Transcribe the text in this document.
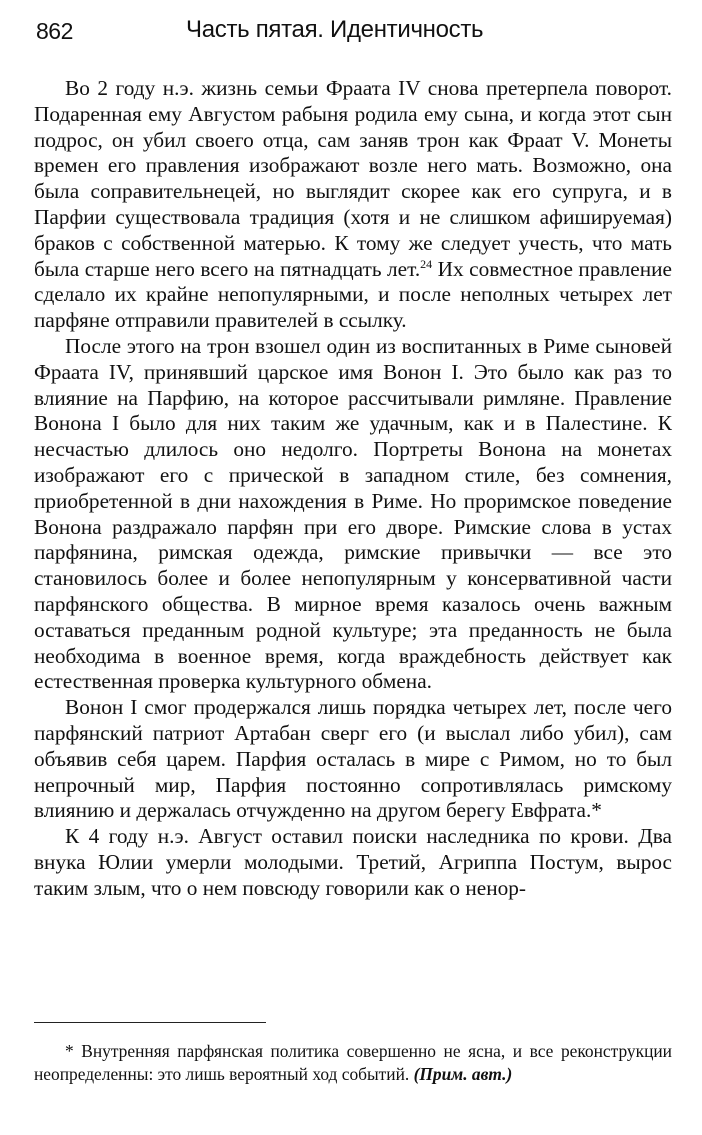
862	Часть пятая. Идентичность

Во 2 году н.э. жизнь семьи Фраата IV снова претерпела поворот. Подаренная ему Августом рабыня родила ему сына, и когда этот сын подрос, он убил своего отца, сам заняв трон как Фраат V. Монеты времен его правления изображают возле него мать. Возможно, она была соправительнецей, но выглядит скорее как его супруга, и в Парфии существовала традиция (хотя и не слишком афишируемая) браков с собственной матерью. К тому же следует учесть, что мать была старше него всего на пятнадцать лет.$^{24}$ Их совместное правление сделало их крайне непопулярными, и после неполных четырех лет парфяне отправили правителей в ссылку.

После этого на трон взошел один из воспитанных в Риме сыновей Фраата IV, принявший царское имя Вонон I. Это было как раз то влияние на Парфию, на которое рассчитывали римляне. Правление Вонона I было для них таким же удачным, как и в Палестине. К несчастью длилось оно недолго. Портреты Вонона на монетах изображают его с прической в западном стиле, без сомнения, приобретенной в дни нахождения в Риме. Но проримское поведение Вонона раздражало парфян при его дворе. Римские слова в устах парфянина, римская одежда, римские привычки — все это становилось более и более непопулярным у консервативной части парфянского общества. В мирное время казалось очень важным оставаться преданным родной культуре; эта преданность не была необходима в военное время, когда враждебность действует как естественная проверка культурного обмена.

Вонон I смог продержался лишь порядка четырех лет, после чего парфянский патриот Артабан сверг его (и выслал либо убил), сам объявив себя царем. Парфия осталась в мире с Римом, но то был непрочный мир, Парфия постоянно сопротивлялась римскому влиянию и держалась отчужденно на другом берегу Евфрата.*

К 4 году н.э. Август оставил поиски наследника по крови. Два внука Юлии умерли молодыми. Третий, Агриппа Постум, вырос таким злым, что о нем повсюду говорили как о ненор-

* Внутренняя парфянская политика совершенно не ясна, и все реконструкции неопределенны: это лишь вероятный ход событий. (Прим. авт.)
